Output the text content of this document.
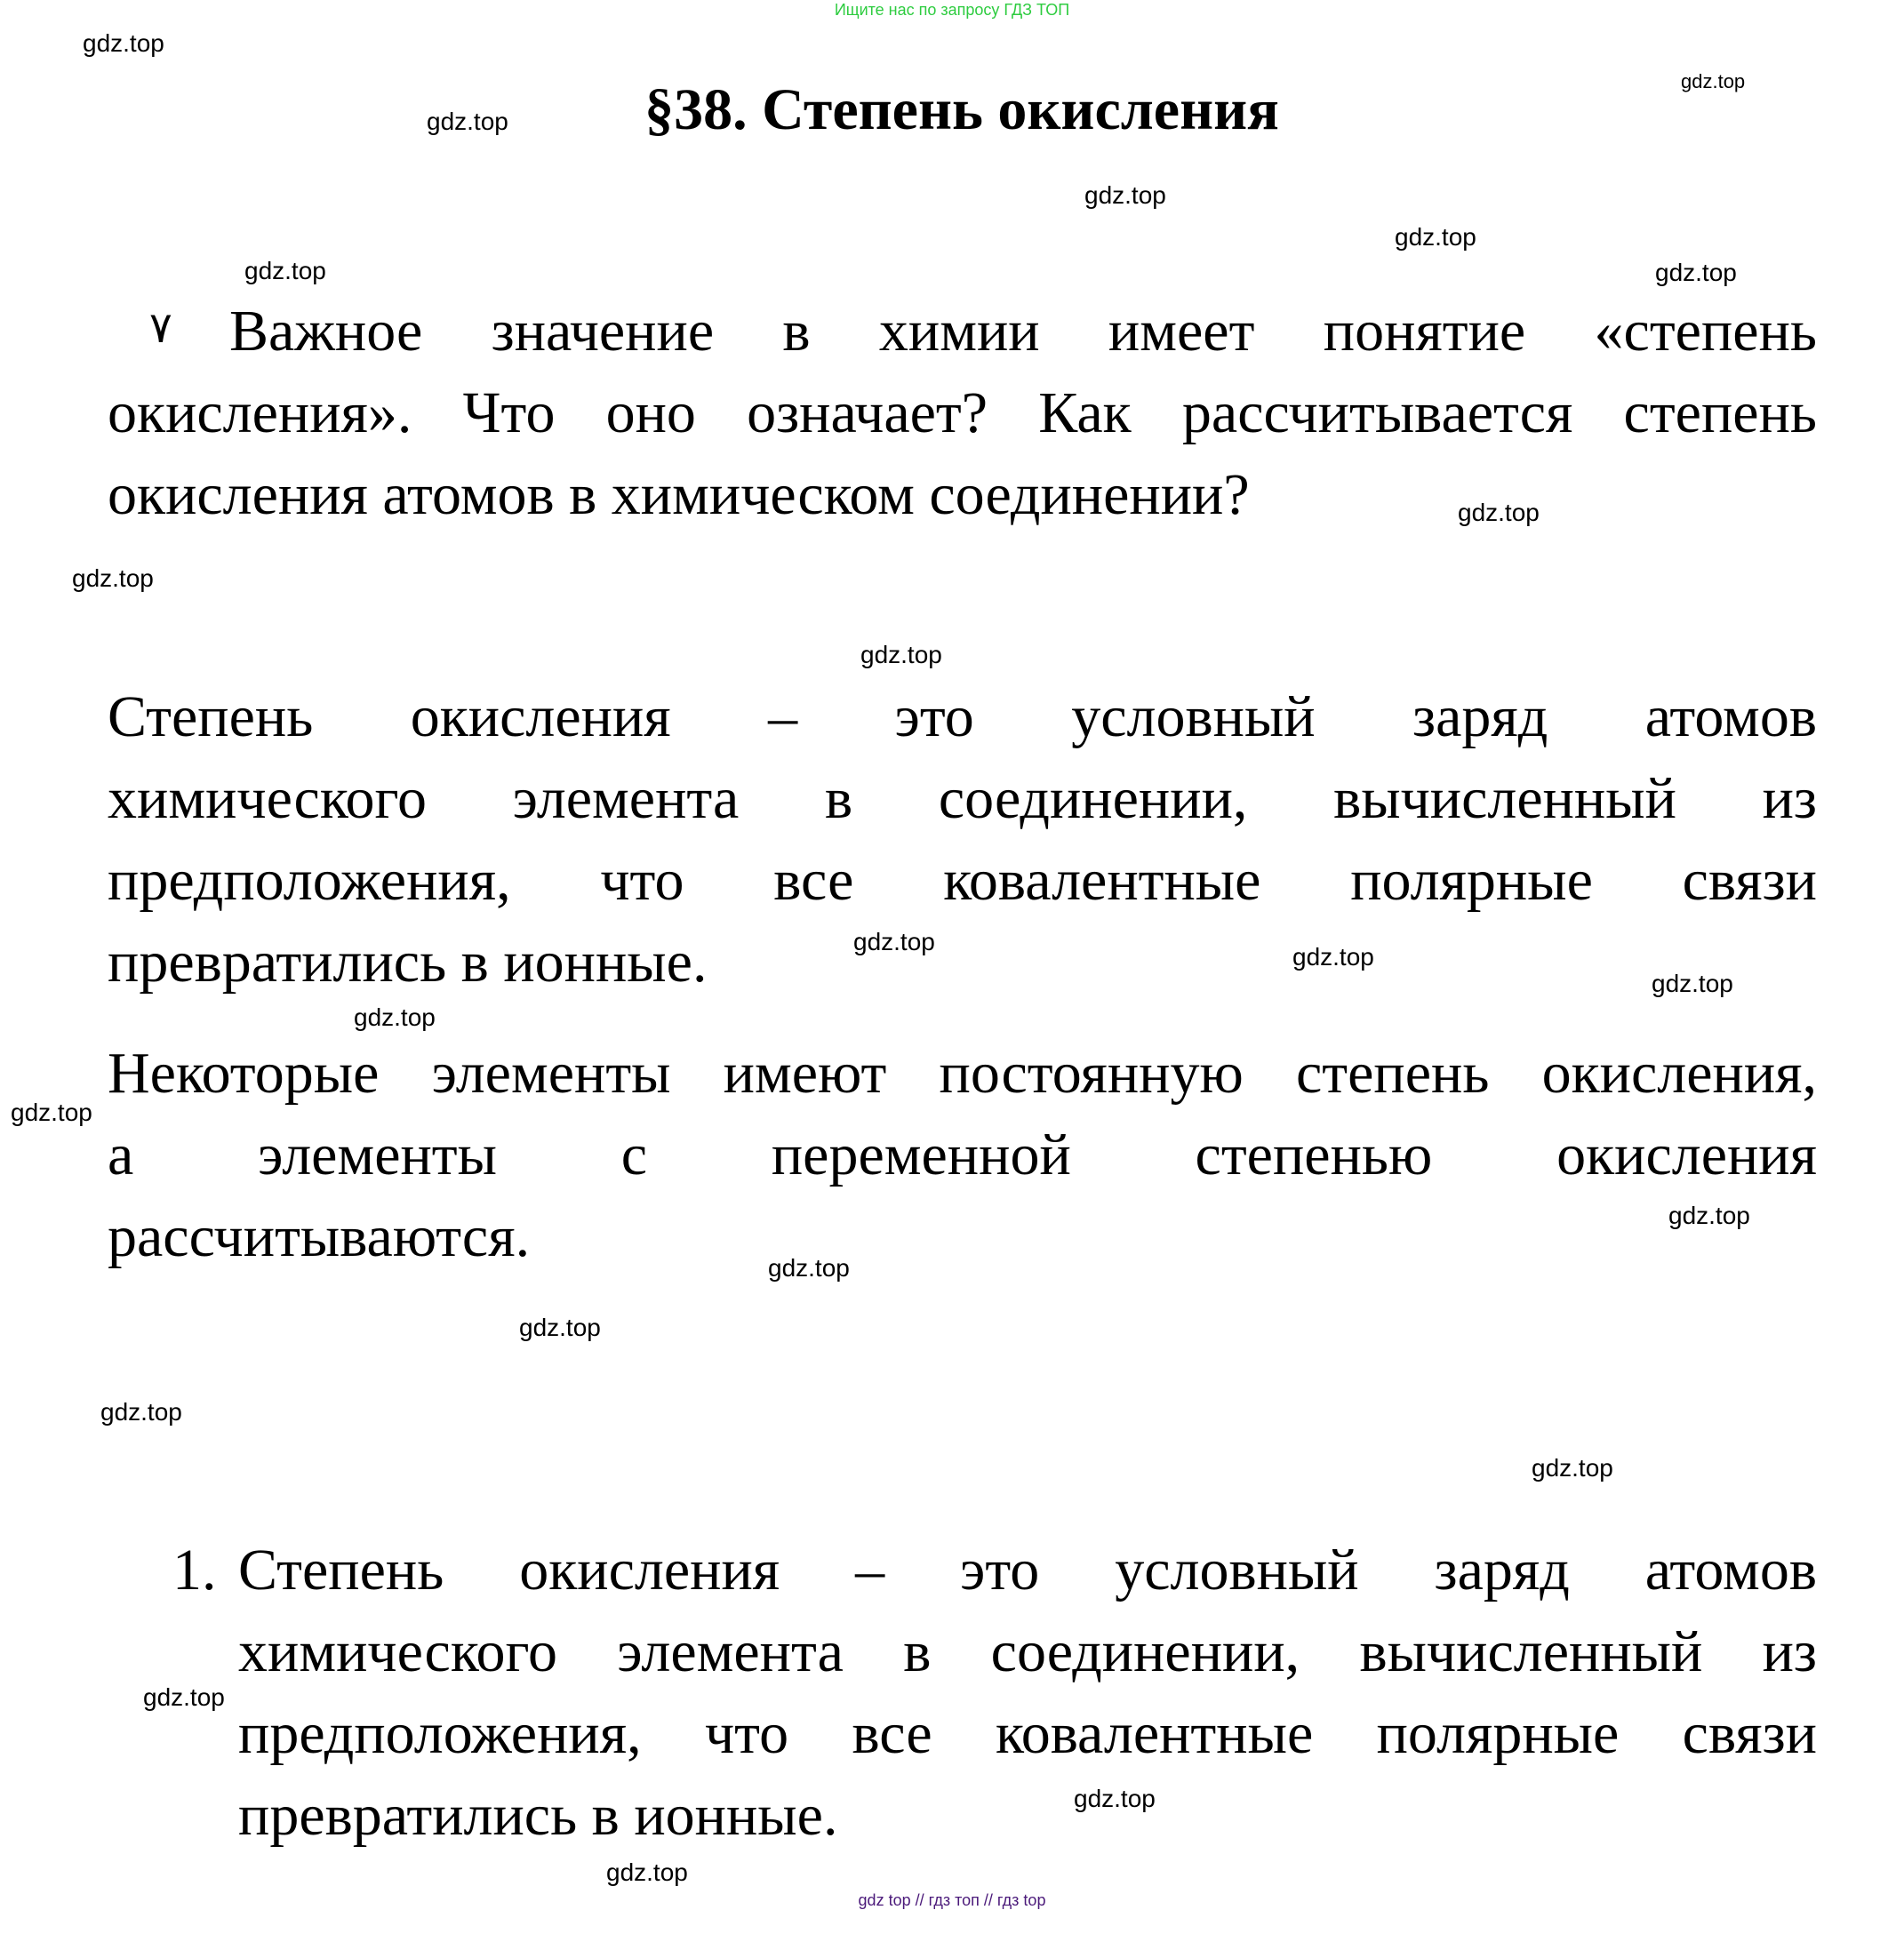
Ищите нас по запросу ГДЗ ТОП
§38. Степень окисления
٧ Важное значение в химии имеет понятие «степень
окисления». Что оно означает? Как рассчитывается степень
окисления атомов в химическом соединении?
Степень окисления – это условный заряд атомов
химического элемента в соединении, вычисленный из
предположения, что все ковалентные полярные связи
превратились в ионные.
Некоторые элементы имеют постоянную степень окисления,
а элементы с переменной степенью окисления
рассчитываются.
1. Степень окисления – это условный заряд атомов
химического элемента в соединении, вычисленный из
предположения, что все ковалентные полярные связи
превратились в ионные.
gdz.top
gdz.top
gdz.top
gdz.top
gdz.top
gdz.top
gdz.top
gdz.top
gdz.top
gdz.top
gdz.top
gdz.top
gdz.top
gdz.top
gdz.top
gdz.top
gdz.top
gdz.top
gdz.top
gdz.top
gdz.top
gdz.top
gdz.top
gdz top // гдз топ // гдз top
